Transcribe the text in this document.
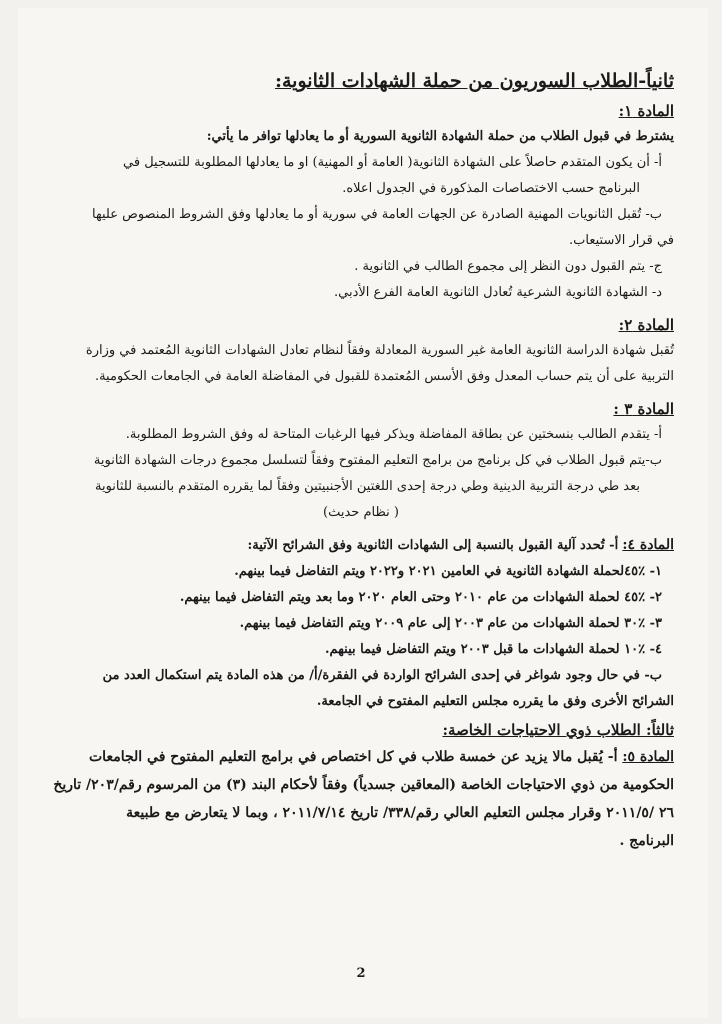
ثانياً-الطلاب السوريون من حملة الشهادات الثانوية:
المادة ١:

يشترط في قبول الطلاب من حملة الشهادة الثانوية السورية أو ما يعادلها توافر ما يأتي:

أ- أن يكون المتقدم حاصلاً على الشهادة الثانوية( العامة أو المهنية) او ما يعادلها المطلوبة للتسجيل في

البرنامج حسب الاختصاصات المذكورة في الجدول اعلاه.

ب- تُقبل الثانويات المهنية الصادرة عن الجهات العامة في سورية أو ما يعادلها وفق الشروط المنصوص عليها

في قرار الاستيعاب.

ج- يتم القبول دون النظر إلى مجموع الطالب في الثانوية .

د- الشهادة الثانوية الشرعية تُعادل الثانوية العامة الفرع الأدبي.

المادة ٢:

تُقبل شهادة الدراسة الثانوية العامة غير السورية المعادلة وفقاً لنظام تعادل الشهادات الثانوية المُعتمد في وزارة

التربية على أن يتم حساب المعدل وفق الأسس المُعتمدة للقبول في المفاضلة العامة في الجامعات الحكومية.

المادة ٣ :

أ- يتقدم الطالب بنسختين عن بطاقة المفاضلة ويذكر فيها الرغبات المتاحة له وفق الشروط المطلوبة.

ب-يتم قبول الطلاب في كل برنامج من برامج التعليم المفتوح وفقاً لتسلسل مجموع درجات الشهادة الثانوية

بعد طي درجة التربية الدينية وطي درجة إحدى اللغتين الأجنبيتين وفقاً لما يقرره المتقدم بالنسبة للثانوية

( نظام حديث)

المادة ٤: أ- تُحدد آلية القبول بالنسبة إلى الشهادات الثانوية وفق الشرائح الآتية:

١- ٪٤٥لحملة الشهادة الثانوية في العامين ٢٠٢١ و٢٠٢٢ ويتم التفاضل فيما بينهم.

٢- ٪٤٥ لحملة الشهادات من عام ٢٠١٠ وحتى العام ٢٠٢٠ وما بعد ويتم التفاضل فيما بينهم.

٣- ٪٣٠ لحملة الشهادات من عام ٢٠٠٣ إلى عام ٢٠٠٩ ويتم التفاضل فيما بينهم.

٤- ٪١٠ لحملة الشهادات ما قبل ٢٠٠٣ ويتم التفاضل فيما بينهم.

ب- في حال وجود شواغر في إحدى الشرائح الواردة في الفقرة/أ/ من هذه المادة يتم استكمال العدد من

الشرائح الأخرى وفق ما يقرره مجلس التعليم المفتوح في الجامعة.

ثالثاً: الطلاب ذوي الاحتياجات الخاصة:

المادة ٥: أ- يُقبل مالا يزيد عن خمسة طلاب في كل اختصاص في برامج التعليم المفتوح في الجامعات

الحكومية من ذوي الاحتياجات الخاصة (المعاقين جسدياً) وفقاً لأحكام البند (٣) من المرسوم رقم/٢٠٣/ تاريخ

٢٦ /٢٠١١/٥ وقرار مجلس التعليم العالي رقم/٣٣٨/ تاريخ ٢٠١١/٧/١٤ ، وبما لا يتعارض مع طبيعة

البرنامج .

2
